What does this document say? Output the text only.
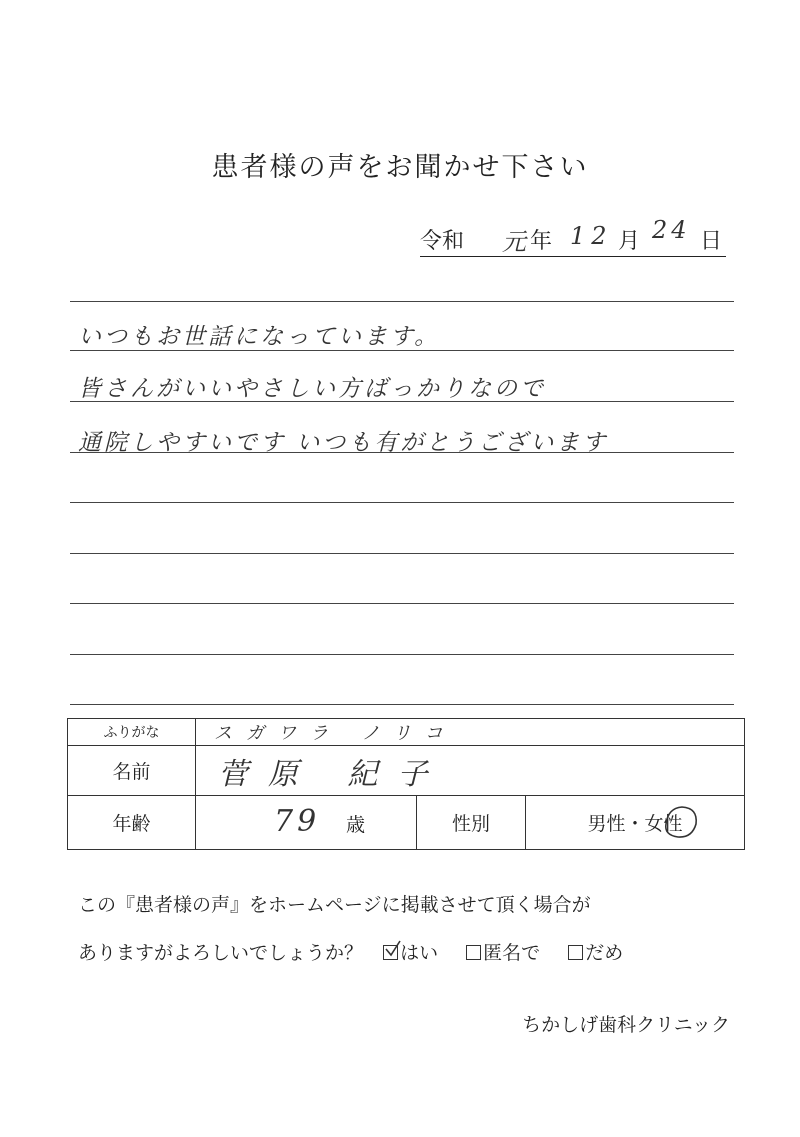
患者様の声をお聞かせ下さい
令和 元 年 12 月 24 日
いつもお世話になっています。
皆さんがいいやさしい方ばっかりなので
通院しやすいです いつも有がとうございます
ふりがな	スガワラ ノリコ		
名前	菅原 紀子		
年齢	79 歳	性別	男性・女性
この『患者様の声』をホームページに掲載させて頂く場合が
ありますがよろしいでしょうか？ はい 匿名で だめ
ちかしげ歯科クリニック
